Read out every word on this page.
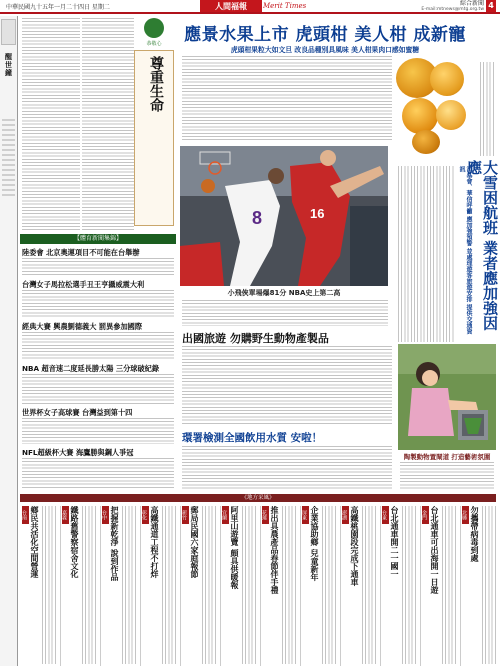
中華民國九十五年一月二十四日 星期二	人間福報	Merit Times	綜合新聞
E-mail:mtnews@mtg.org.tw 4
醒世鐘
恭敬心
尊重生命
【體育新聞集錦】
陸委會 北京奧運項目不可能在台舉辦
台灣女子馬拉松選手丑王亨攝威震大利
經典大賽 興農劉德義大 罰異參加國際
NBA 超音速二度延長勝太陽 三分球破紀錄
世界杯女子高球賽 台灣益到第十四
NFL超級杯大賽 海鷹勝與鋼人爭冠
應景水果上市 虎頭柑 美人柑 成新寵
虎頭柑果粒大如文旦 改良品種別具風味 美人柑果肉口感如蜜糖
大雪困航班 業者應加強因應
消基會、華信呼籲 應加強預警 並處理遊客旅遊安排 提供交通資訊
8	16
小飛俠單場爆81分 NBA史上第二高
出國旅遊 勿購野生動物產製品
陶製動物置閘道 打造藝術氛圍
環署檢測全國飲用水質 安啦！
《地方采風》
台南 鄉民共活化空間營運	嘉義 鐵路舊警察宿舍文化	台中 把握新乾淨 說到作品	彰化 高鐵通道工程不打烊	新竹 郵局民國六家庭報節	宜蘭 阿里山遊覽 頗具供暖報	花蓮 推出具農產品春節伴手禮	屏東 企業協助鄉 兒童新年	澎湖 高鐵桃園段完成下通車	台東 台北通車開二一國一	金門 台北通車可出海開一日遊	北縣 勿攜帶病毒到處
